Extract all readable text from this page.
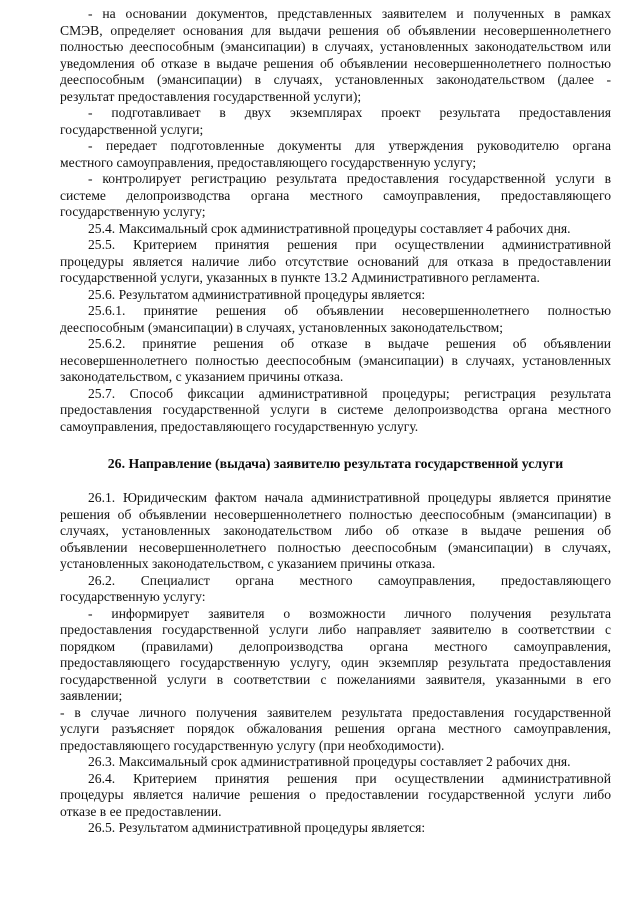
- на основании документов, представленных заявителем и полученных в рамках
СМЭВ, определяет основания для выдачи решения об объявлении несовершеннолетнего
полностью дееспособным (эмансипации) в случаях, установленных законодательством или
уведомления об отказе в выдаче решения об объявлении несовершеннолетнего полностью
дееспособным (эмансипации) в случаях, установленных законодательством (далее -
результат предоставления государственной услуги);
- подготавливает в двух экземплярах проект результата предоставления
государственной услуги;
- передает подготовленные документы для утверждения руководителю органа
местного самоуправления, предоставляющего государственную услугу;
- контролирует регистрацию результата предоставления государственной услуги в
системе делопроизводства органа местного самоуправления, предоставляющего
государственную услугу;
25.4. Максимальный срок административной процедуры составляет 4 рабочих дня.
25.5. Критерием принятия решения при осуществлении административной
процедуры является наличие либо отсутствие оснований для отказа в предоставлении
государственной услуги, указанных в пункте 13.2 Административного регламента.
25.6. Результатом административной процедуры является:
25.6.1. принятие решения об объявлении несовершеннолетнего полностью
дееспособным (эмансипации) в случаях, установленных законодательством;
25.6.2. принятие решения об отказе в выдаче решения об объявлении
несовершеннолетнего полностью дееспособным (эмансипации) в случаях, установленных
законодательством, с указанием причины отказа.
25.7. Способ фиксации административной процедуры; регистрация результата
предоставления государственной услуги в системе делопроизводства органа местного
самоуправления, предоставляющего государственную услугу.
26. Направление (выдача) заявителю результата государственной услуги
26.1. Юридическим фактом начала административной процедуры является принятие
решения об объявлении несовершеннолетнего полностью дееспособным (эмансипации) в
случаях, установленных законодательством либо об отказе в выдаче решения об
объявлении несовершеннолетнего полностью дееспособным (эмансипации) в случаях,
установленных законодательством, с указанием причины отказа.
26.2. Специалист органа местного самоуправления, предоставляющего
государственную услугу:
- информирует заявителя о возможности личного получения результата
предоставления государственной услуги либо направляет заявителю в соответствии с
порядком (правилами) делопроизводства органа местного самоуправления,
предоставляющего государственную услугу, один экземпляр результата предоставления
государственной услуги в соответствии с пожеланиями заявителя, указанными в его
заявлении;
- в случае личного получения заявителем результата предоставления государственной
услуги разъясняет порядок обжалования решения органа местного самоуправления,
предоставляющего государственную услугу (при необходимости).
26.3. Максимальный срок административной процедуры составляет 2 рабочих дня.
26.4. Критерием принятия решения при осуществлении административной
процедуры является наличие решения о предоставлении государственной услуги либо
отказе в ее предоставлении.
26.5. Результатом административной процедуры является:
